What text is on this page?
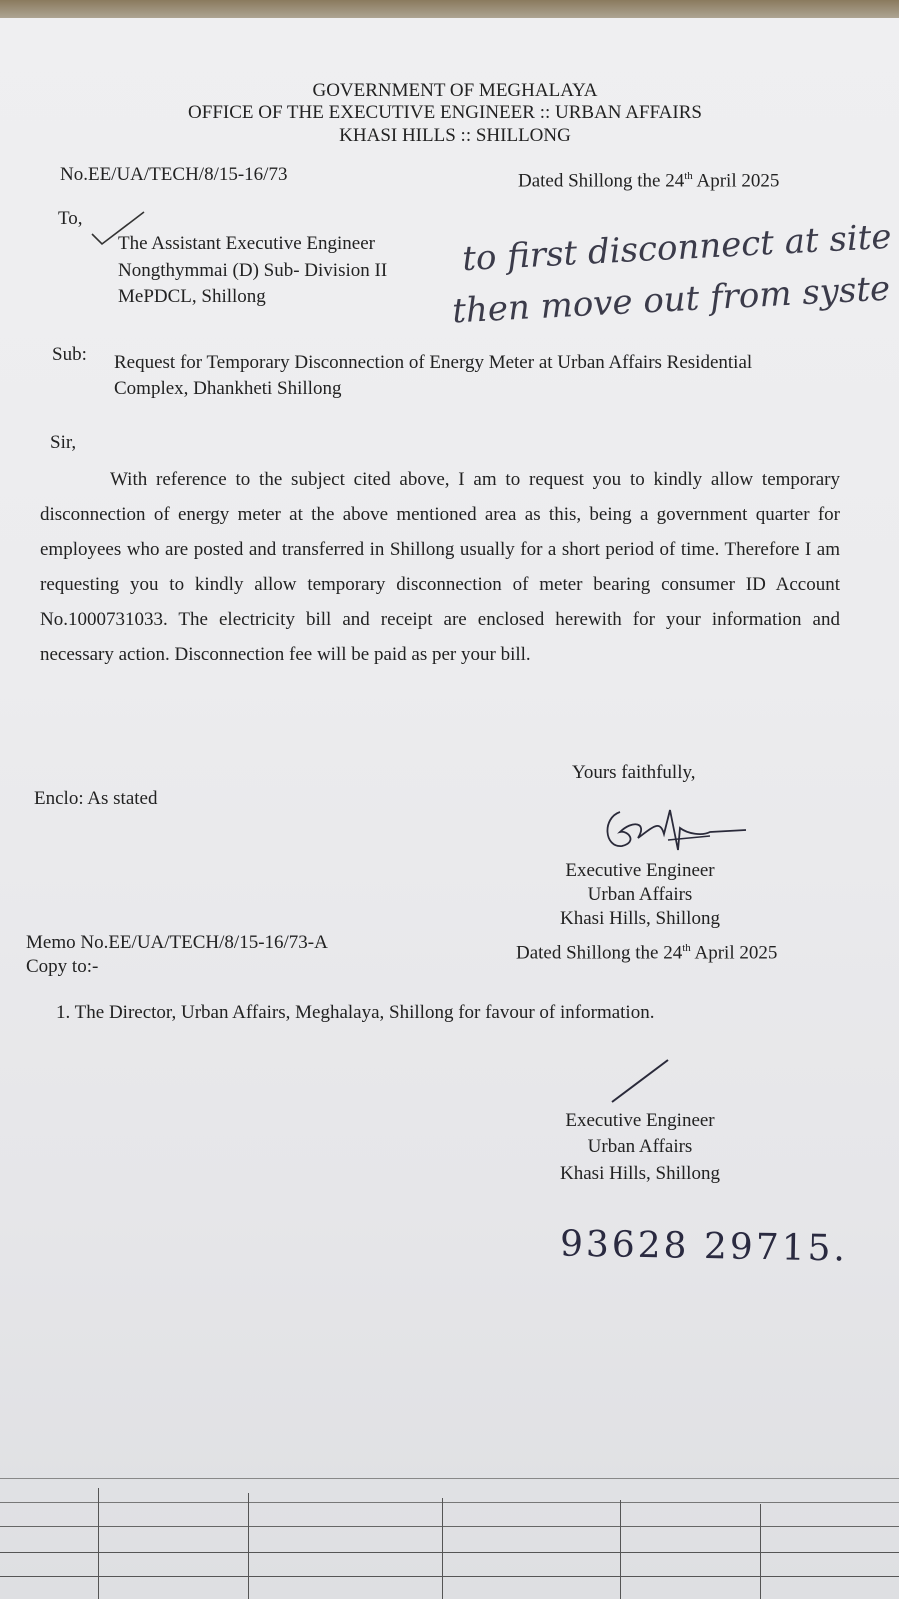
GOVERNMENT OF MEGHALAYA
OFFICE OF THE EXECUTIVE ENGINEER :: URBAN AFFAIRS
KHASI HILLS :: SHILLONG
No.EE/UA/TECH/8/15-16/73	Dated Shillong the 24th April 2025
To,
The Assistant Executive Engineer
Nongthymmai (D) Sub- Division II
MePDCL, Shillong
to first disconnect at site
then move out from syste
Sub: Request for Temporary Disconnection of Energy Meter at Urban Affairs Residential
Complex, Dhankheti Shillong
Sir,
With reference to the subject cited above, I am to request you to kindly allow temporary disconnection of energy meter at the above mentioned area as this, being a government quarter for employees who are posted and transferred in Shillong usually for a short period of time. Therefore I am requesting you to kindly allow temporary disconnection of meter bearing consumer ID Account No.1000731033. The electricity bill and receipt are enclosed herewith for your information and necessary action. Disconnection fee will be paid as per your bill.
Yours faithfully,
Enclo: As stated
Executive Engineer
Urban Affairs
Khasi Hills, Shillong
Memo No.EE/UA/TECH/8/15-16/73-A	Dated Shillong the 24th April 2025
Copy to:-
1. The Director, Urban Affairs, Meghalaya, Shillong for favour of information.
Executive Engineer
Urban Affairs
Khasi Hills, Shillong
93628 29715.
